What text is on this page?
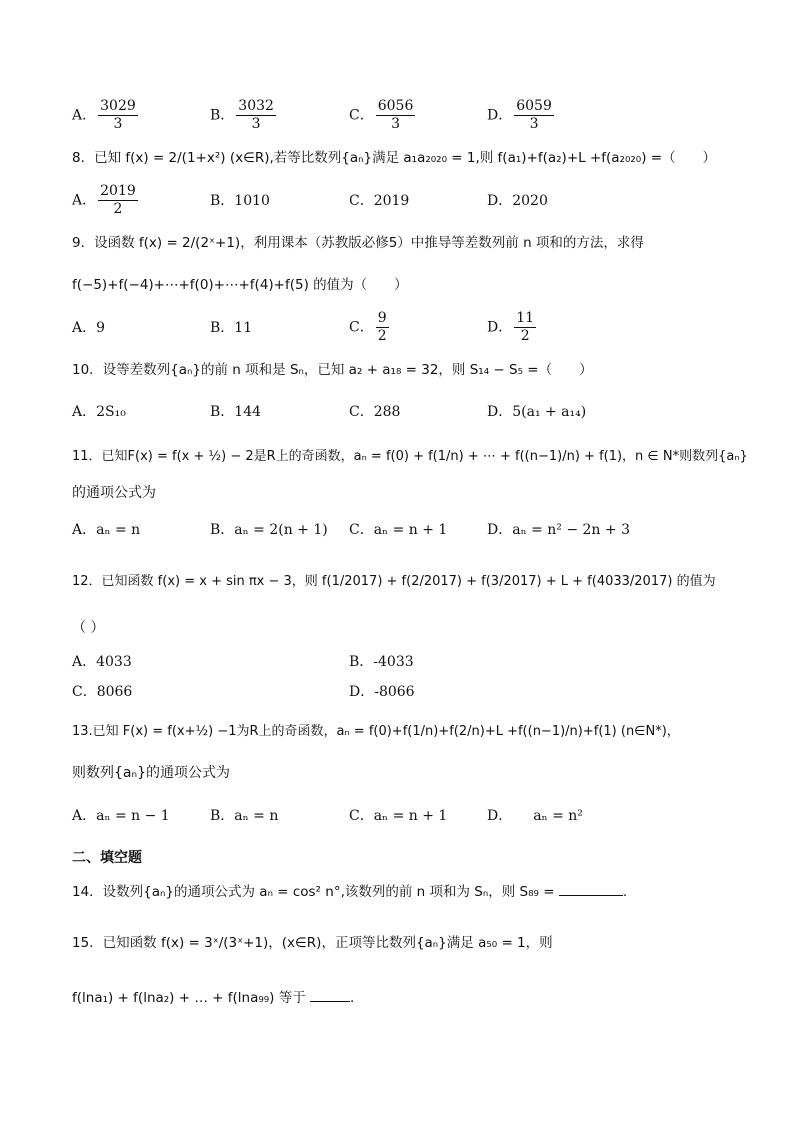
A． $\frac{3029}{3}$	B． $\frac{3032}{3}$	C． $\frac{6056}{3}$	D． $\frac{6059}{3}$
8．已知 f(x) = 2/(1+x²) (x∈R),若等比数列{aₙ}满足 a₁a₂₀₂₀ = 1,则 f(a₁)+f(a₂)+L +f(a₂₀₂₀) =（　　）
A． $\frac{2019}{2}$	B．1010	C．2019	D．2020
9．设函数 f(x) = 2/(2ˣ+1)，利用课本（苏教版必修5）中推导等差数列前 n 项和的方法，求得
f(−5)+f(−4)+⋯+f(0)+⋯+f(4)+f(5) 的值为（　　）
A．9	B．11	C． $\frac{9}{2}$	D． $\frac{11}{2}$
10．设等差数列{aₙ}的前 n 项和是 Sₙ，已知 a₂ + a₁₈ = 32，则 S₁₄ − S₅ =（　　）
A．2S₁₀	B．144	C．288	D．5(a₁ + a₁₄)
11．已知F(x) = f(x + ½) − 2是R上的奇函数，aₙ = f(0) + f(1/n) + ⋯ + f((n−1)/n) + f(1)，n ∈ N*则数列{aₙ}
的通项公式为
A．aₙ = n	B．aₙ = 2(n + 1) C．aₙ = n + 1	D．aₙ = n² − 2n + 3
12．已知函数 f(x) = x + sin πx − 3，则 f(1/2017) + f(2/2017) + f(3/2017) + L + f(4033/2017) 的值为
（ ）
A．4033	B．-4033
C．8066	D．-8066
13.已知 F(x) = f(x+½) −1为R上的奇函数，aₙ = f(0)+f(1/n)+f(2/n)+L +f((n−1)/n)+f(1) (n∈N*)，
则数列{aₙ}的通项公式为
A．aₙ = n − 1	B．aₙ = n	C．aₙ = n + 1	D．　　aₙ = n²
二、填空题
14．设数列{aₙ}的通项公式为 aₙ = cos² n°,该数列的前 n 项和为 Sₙ，则 S₈₉ =	.
15．已知函数 f(x) = 3ˣ/(3ˣ+1)，(x∈R)，正项等比数列{aₙ}满足 a₅₀ = 1，则
f(lna₁) + f(lna₂) + … + f(lna₉₉) 等于	.
